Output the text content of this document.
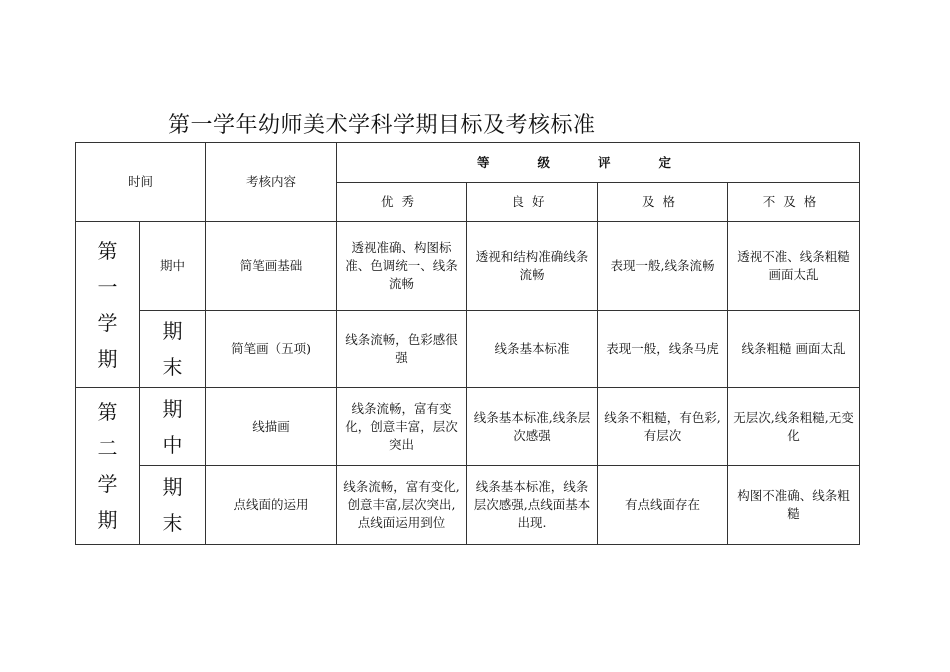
第一学年幼师美术学科学期目标及考核标准
时间		考核内容	等级评定			
			优秀	良好	及格	不及格
第一学期	期中	简笔画基础	透视准确、构图标准、色调统一、线条流畅	透视和结构准确线条流畅	表现一般,线条流畅	透视不准、线条粗糙 画面太乱
	期末	简笔画（五项)	线条流畅，色彩感很强	线条基本标准	表现一般，线条马虎	线条粗糙 画面太乱
第二学期	期中	线描画	线条流畅，富有变化，创意丰富，层次突出	线条基本标准,线条层次感强	线条不粗糙，有色彩,有层次	无层次,线条粗糙,无变化
	期末	点线面的运用	线条流畅，富有变化,创意丰富,层次突出,点线面运用到位	线条基本标准，线条层次感强,点线面基本出现.	有点线面存在	构图不准确、线条粗糙
